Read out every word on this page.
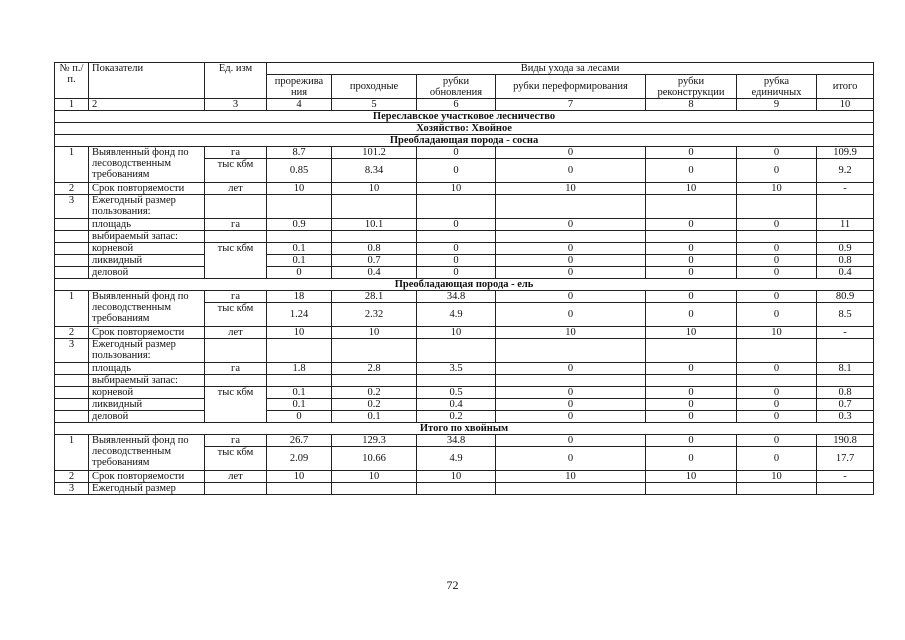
№ п./п.	Показатели	Ед. изм	Виды ухода за лесами						
			прорежива ния	проходные	рубки обновления	рубки переформирования	рубки реконструкции	рубка единичных	итого
1	2	3	4	5	6	7	8	9	10
Переславское участковое лесничество									
Хозяйство: Хвойное									
Преобладающая порода - сосна									
1	Выявленный фонд по лесоводственным требованиям	га	8.7	101.2	0	0	0	0	109.9
		тыс кбм	0.85	8.34	0	0	0	0	9.2
2	Срок повторяемости	лет	10	10	10	10	10	10	-
3	Ежегодный размер пользования:								
	площадь	га	0.9	10.1	0	0	0	0	11
	выбираемый запас:								
	корневой	тыс кбм	0.1	0.8	0	0	0	0	0.9
	ликвидный		0.1	0.7	0	0	0	0	0.8
	деловой		0	0.4	0	0	0	0	0.4
Преобладающая порода - ель									
1	Выявленный фонд по лесоводственным требованиям	га	18	28.1	34.8	0	0	0	80.9
		тыс кбм	1.24	2.32	4.9	0	0	0	8.5
2	Срок повторяемости	лет	10	10	10	10	10	10	-
3	Ежегодный размер пользования:								
	площадь	га	1.8	2.8	3.5	0	0	0	8.1
	выбираемый запас:								
	корневой	тыс кбм	0.1	0.2	0.5	0	0	0	0.8
	ликвидный		0.1	0.2	0.4	0	0	0	0.7
	деловой		0	0.1	0.2	0	0	0	0.3
Итого по хвойным									
1	Выявленный фонд по лесоводственным требованиям	га	26.7	129.3	34.8	0	0	0	190.8
		тыс кбм	2.09	10.66	4.9	0	0	0	17.7
2	Срок повторяемости	лет	10	10	10	10	10	10	-
3	Ежегодный размер								
72
